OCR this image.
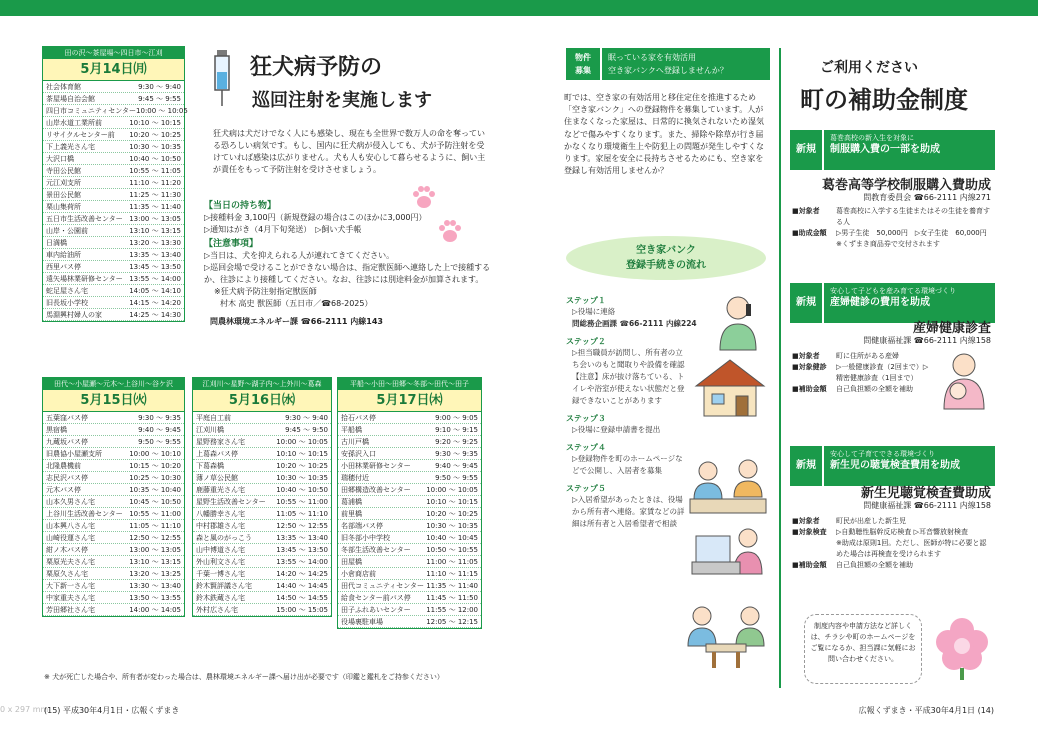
田の沢～茶屋場～四日市～江刈
5月14日㈪
社会体育館	9:30 ～ 9:40
茶屋場自治会館	9:45 ～ 9:55
四日市コミュニティセンター 10:00 ～ 10:05
山岸水道工業所前	10:10 ～ 10:15
リサイクルセンター前	10:20 ～ 10:25
下上義光さん宅	10:30 ～ 10:35
大沢口橋	10:40 ～ 10:50
寺田公民館	10:55 ～ 11:05
元江刈支所	11:10 ～ 11:20
景田公民館	11:25 ～ 11:30
栗山集荷所	11:35 ～ 11:40
五日市生活改善センター 13:00 ～ 13:05
山岸・公園前	13:10 ～ 13:15
日満橋	13:20 ～ 13:30
車内給油所	13:35 ～ 13:40
西里バス停	13:45 ～ 13:50
遠矢場林業研修センター 13:55 ～ 14:00
蛇足屋さん宅	14:05 ～ 14:10
旧長坂小学校	14:15 ～ 14:20
馬淵興村婦人の家	14:25 ～ 14:30
田代～小屋瀬～元木～上谷川～谷ケ沢
5月15日㈫
五葉窪バス停	9:30 ～ 9:35
黒宿橋	9:40 ～ 9:45
九蔵坂バス停	9:50 ～ 9:55
旧農協小屋瀬支所	10:00 ～ 10:10
北隆農機前	10:15 ～ 10:20
志民沢バス停	10:25 ～ 10:30
元木バス停	10:35 ～ 10:40
山本久男さん宅	10:45 ～ 10:50
上谷川生活改善センター 10:55 ～ 11:00
山本興八さん宅	11:05 ～ 11:10
山崎役運さん宅	12:50 ～ 12:55
紺ノ木バス停	13:00 ～ 13:05
栗原光夫さん宅	13:10 ～ 13:15
栗原久さん宅	13:20 ～ 13:25
大下新一さん宅	13:30 ～ 13:40
中家重夫さん宅	13:50 ～ 13:55
芳田郷社さん宅	14:00 ～ 14:05
江刈川～星野～湖子内～上外川～葛森
5月16日㈬
平庭自工前	9:30 ～ 9:40
江刈川橋	9:45 ～ 9:50
星野務家さん宅	10:00 ～ 10:05
上葛森バス停	10:10 ～ 10:15
下葛森橋	10:20 ～ 10:25
薄ノ草公民館	10:30 ～ 10:35
鹿藤重光さん宅	10:40 ～ 10:50
星野生活改善センター	10:55 ～ 11:00
八幡勝幸さん宅	11:05 ～ 11:10
中村郡雄さん宅	12:50 ～ 12:55
森と風のがっこう	13:35 ～ 13:40
山中博道さん宅	13:45 ～ 13:50
外山利文さん宅	13:55 ～ 14:00
千葉一博さん宅	14:20 ～ 14:25
鈴木賢評議さん宅	14:40 ～ 14:45
鈴木鉄蔵さん宅	14:50 ～ 14:55
外村広さん宅	15:00 ～ 15:05
平船～小田～田郷～冬部～田代～田子
5月17日㈭
拾石バス停	9:00 ～ 9:05
平船橋	9:10 ～ 9:15
古川戸橋	9:20 ～ 9:25
安孫沢入口	9:30 ～ 9:35
小田林業研修センター	9:40 ～ 9:45
瑞穂付近	9:50 ～ 9:55
田郷構造改善センター	10:00 ～ 10:05
葛浦橋	10:10 ～ 10:15
前里橋	10:20 ～ 10:25
名部端バス停	10:30 ～ 10:35
旧冬部小中学校	10:40 ～ 10:45
冬部生活改善センター	10:50 ～ 10:55
田屋橋	11:00 ～ 11:05
小倉商店前	11:10 ～ 11:15
田代コミュニティセンター 11:35 ～ 11:40
給食センター前バス停	11:45 ～ 11:50
田子ふれあいセンター	11:55 ～ 12:00
役場裏駐車場	12:05 ～ 12:15
狂犬病予防の
巡回注射を実施します
狂犬病は犬だけでなく人にも感染し、現在も全世界で数万人の命を奪っている恐ろしい病気です。もし、国内に狂犬病が侵入しても、犬が予防注射を受けていれば感染は広がりません。犬も人も安心して暮らせるように、飼い主が責任をもって予防注射を受けさせましょう。
【当日の持ち物】
▷接種料金 3,100円（新規登録の場合はこのほかに3,000円）
▷通知はがき（4月下旬発送）　▷飼い犬手帳
【注意事項】
▷当日は、犬を抑えられる人が連れてきてください。
▷巡回会場で受けることができない場合は、指定獣医師へ連絡した上で接種するか、往診により接種してください。なお、往診には別途料金が加算されます。
※狂犬病予防注射指定獣医師
村木 高史 獣医師（五日市／☎68-2025）
問農林環境エネルギー課 ☎66-2111 内線143
※ 犬が死亡した場合や、所有者が変わった場合は、農林環境エネルギー課へ届け出が必要です（印鑑と鑑札をご持参ください）
物件
募集
眠っている家を有効活用
空き家バンクへ登録しませんか？
町では、空き家の有効活用と移住定住を推進するため「空き家バンク」への登録物件を募集しています。人が住まなくなった家屋は、日常的に換気されないため湿気などで傷みやすくなります。また、掃除や除草が行き届かなくなり環境衛生上や防犯上の問題が発生しやすくなります。家屋を安全に長持ちさせるためにも、空き家を登録し有効活用しませんか？
空き家バンク
登録手続きの流れ
ステップ１
▷役場に連絡
問総務企画課 ☎66-2111 内線224
ステップ２
▷担当職員が訪問し、所有者の立ち会いのもと聞取りや設備を確認【注意】床が抜け落ちている、トイレや浴室が使えない状態だと登録できないことがあります
ステップ３
▷役場に登録申請書を提出
ステップ４
▷登録物件を町のホームページなどで公開し、入居者を募集
ステップ５
▷入居希望があったときは、役場から所有者へ連絡。家賃などの詳細は所有者と入居希望者で相談
ご利用ください
町の補助金制度
新規
葛巻高校の新入生を対象に
制服購入費の一部を助成
葛巻高等学校制服購入費助成
問教育委員会 ☎66-2111 内線271
■対象者	葛巻高校に入学する生徒またはその生徒を養育する人
■助成金額	▷男子生徒　50,000円　▷女子生徒　60,000円
※くずまき商品券で交付されます
新規
安心して子どもを産み育てる環境づくり
産婦健診の費用を助成
産婦健康診査
問健康福祉課 ☎66-2111 内線158
■対象者	町に住所がある産婦
■対象健診	▷一般健康診査（2回まで）▷精密健康診査（1回まで）
■補助金額	自己負担額の全額を補助
新規
安心して子育てできる環境づくり
新生児の聴覚検査費用を助成
新生児聴覚検査費助成
問健康福祉課 ☎66-2111 内線158
■対象者	町民が出産した新生児
■対象検査	▷自動聴性脳幹反応検査 ▷耳音響放射検査
※助成は原則1回。ただし、医師が特に必要と認めた場合は再検査を受けられます
■補助金額	自己負担額の全額を補助
制度内容や申請方法など詳しくは、チラシや町のホームページをご覧になるか、担当課に気軽にお問い合わせください。
0 x 297 mm
(15) 平成30年4月1日・広報くずまき	広報くずまき・平成30年4月1日 (14)
